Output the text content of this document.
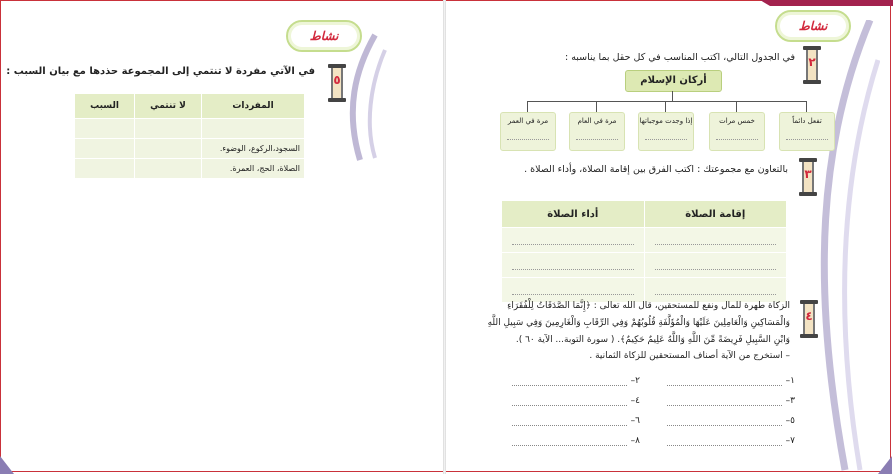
نشاط
٥
في الآتي مفردة لا تنتمي إلى المجموعة حذدها مع بيان السبب :
المفردات	لا تنتمي	السبب

السجود،الركوع، الوضوء.		
الصلاة، الحج، العمرة.		
نشاط
٢
في الجدول التالي، اكتب المناسب في كل حقل بما يناسبه :
أركان الإسلام
تفعل دائماً
خمس مرات
إذا وجدت موجباتها
مرة في العام
مرة في العمر
٣
بالتعاون مع مجموعتك : اكتب الفرق بين إقامة الصلاة، وأداء الصلاة .
إقامة الصلاة	أداء الصلاة

٤
الزكاة طهرة للمال ونفع للمستحقين، قال الله تعالى : ﴿إِنَّمَا الصَّدَقَاتُ لِلْفُقَرَاءِ
وَالْمَسَاكِينِ وَالْعَامِلِينَ عَلَيْهَا وَالْمُؤَلَّفَةِ قُلُوبُهُمْ وَفِي الرِّقَابِ وَالْغَارِمِينَ وَفِي سَبِيلِ اللَّهِ
وَابْنِ السَّبِيلِ فَرِيضَةً مِّنَ اللَّهِ وَاللَّهُ عَلِيمٌ حَكِيمٌ﴾. ( سورة التوبة... الآية ٦٠ ).
– استخرج من الآية أصناف المستحقين للزكاة الثمانية .
١–
٢–
٣–
٤–
٥–
٦–
٧–
٨–
